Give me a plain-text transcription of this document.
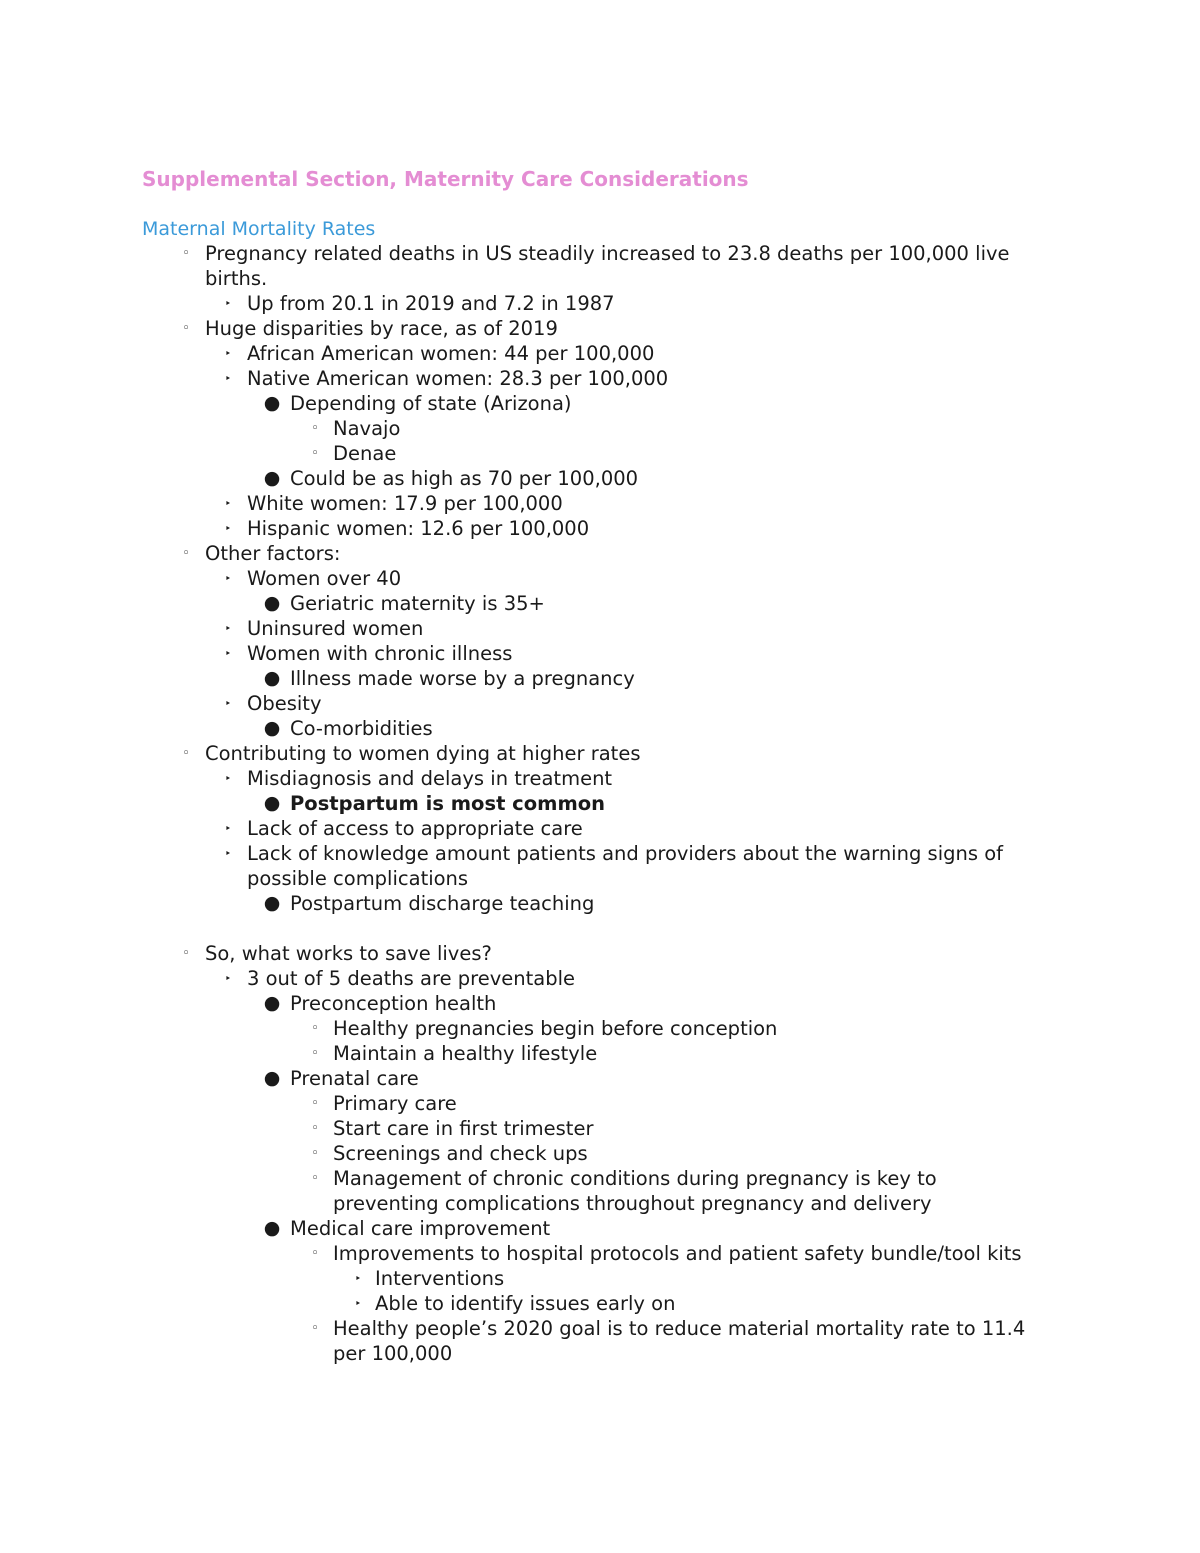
Supplemental Section, Maternity Care Considerations
Maternal Mortality Rates
◦ Pregnancy related deaths in US steadily increased to 23.8 deaths per 100,000 live births.
‣ Up from 20.1 in 2019 and 7.2 in 1987
◦ Huge disparities by race, as of 2019
‣ African American women: 44 per 100,000
‣ Native American women: 28.3 per 100,000
● Depending of state (Arizona)
◦ Navajo
◦ Denae
● Could be as high as 70 per 100,000
‣ White women: 17.9 per 100,000
‣ Hispanic women: 12.6 per 100,000
◦ Other factors:
‣ Women over 40
● Geriatric maternity is 35+
‣ Uninsured women
‣ Women with chronic illness
● Illness made worse by a pregnancy
‣ Obesity
● Co-morbidities
◦ Contributing to women dying at higher rates
‣ Misdiagnosis and delays in treatment
● Postpartum is most common
‣ Lack of access to appropriate care
‣ Lack of knowledge amount patients and providers about the warning signs of possible complications
● Postpartum discharge teaching
◦ So, what works to save lives?
‣ 3 out of 5 deaths are preventable
● Preconception health
◦ Healthy pregnancies begin before conception
◦ Maintain a healthy lifestyle
● Prenatal care
◦ Primary care
◦ Start care in first trimester
◦ Screenings and check ups
◦ Management of chronic conditions during pregnancy is key to preventing complications throughout pregnancy and delivery
● Medical care improvement
◦ Improvements to hospital protocols and patient safety bundle/tool kits
‣ Interventions
‣ Able to identify issues early on
◦ Healthy people’s 2020 goal is to reduce material mortality rate to 11.4 per 100,000
